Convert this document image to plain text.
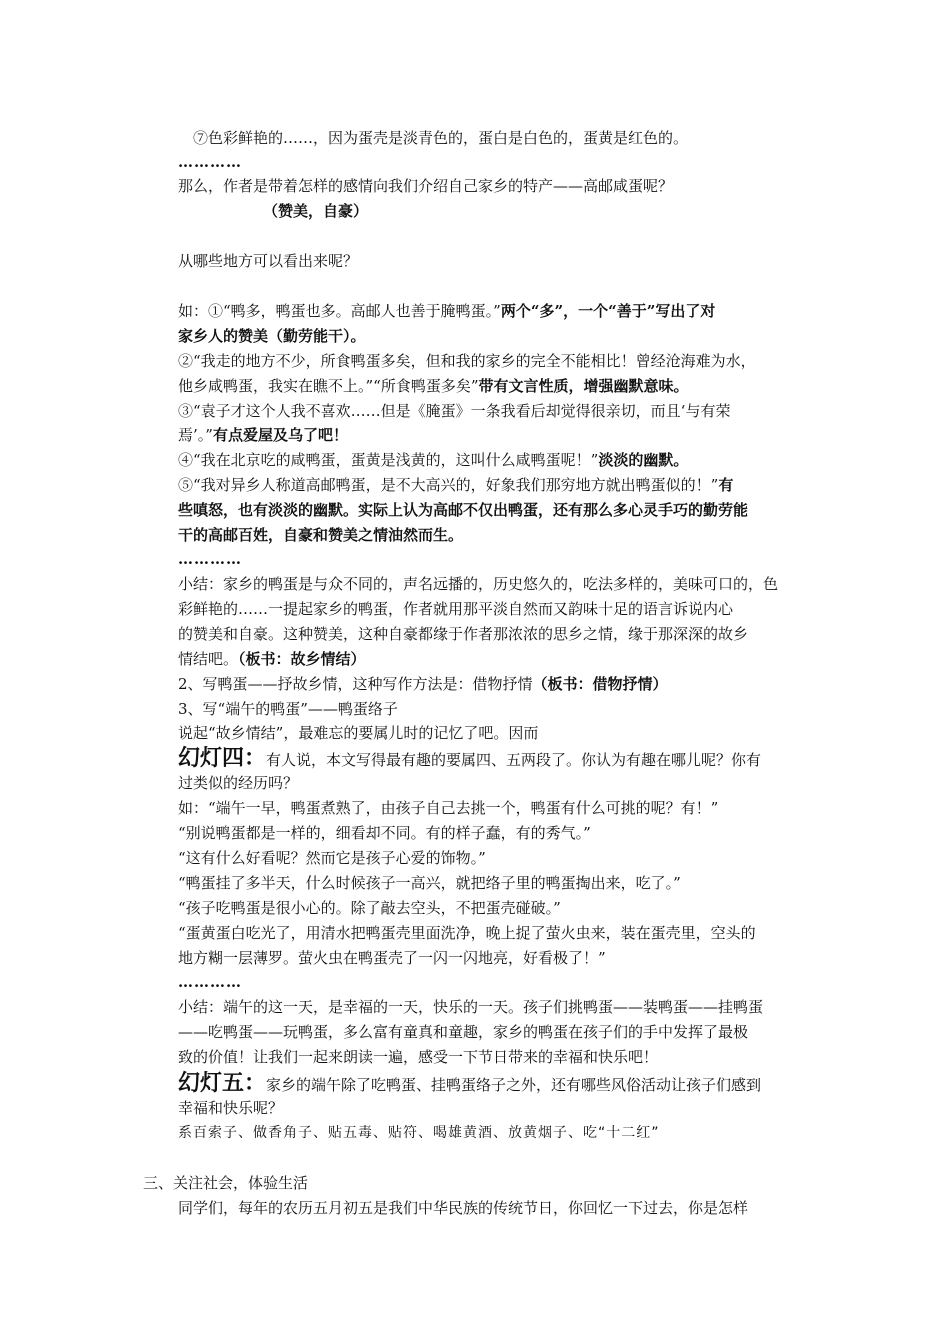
⑦色彩鲜艳的……，因为蛋壳是淡青色的，蛋白是白色的，蛋黄是红色的。
…………
那么，作者是带着怎样的感情向我们介绍自己家乡的特产——高邮咸蛋呢？
（赞美，自豪）
从哪些地方可以看出来呢？
如：①“鸭多，鸭蛋也多。高邮人也善于腌鸭蛋。”两个“多”，一个“善于”写出了对
家乡人的赞美（勤劳能干）。
②“我走的地方不少，所食鸭蛋多矣，但和我的家乡的完全不能相比！曾经沧海难为水，
他乡咸鸭蛋，我实在瞧不上。”“所食鸭蛋多矣”带有文言性质，增强幽默意味。
③“袁子才这个人我不喜欢……但是《腌蛋》一条我看后却觉得很亲切，而且‘与有荣
焉’。”有点爱屋及乌了吧！
④“我在北京吃的咸鸭蛋，蛋黄是浅黄的，这叫什么咸鸭蛋呢！”淡淡的幽默。
⑤“我对异乡人称道高邮鸭蛋，是不大高兴的，好象我们那穷地方就出鸭蛋似的！”有
些嗔怒，也有淡淡的幽默。实际上认为高邮不仅出鸭蛋，还有那么多心灵手巧的勤劳能
干的高邮百姓，自豪和赞美之情油然而生。
…………
小结：家乡的鸭蛋是与众不同的，声名远播的，历史悠久的，吃法多样的，美味可口的，色
彩鲜艳的……一提起家乡的鸭蛋，作者就用那平淡自然而又韵味十足的语言诉说内心
的赞美和自豪。这种赞美，这种自豪都缘于作者那浓浓的思乡之情，缘于那深深的故乡
情结吧。（板书：故乡情结）
2、写鸭蛋——抒故乡情，这种写作方法是：借物抒情（板书：借物抒情）
3、写“端午的鸭蛋”——鸭蛋络子
说起“故乡情结”，最难忘的要属儿时的记忆了吧。因而
幻灯四：有人说，本文写得最有趣的要属四、五两段了。你认为有趣在哪儿呢？你有
过类似的经历吗？
如：“端午一早，鸭蛋煮熟了，由孩子自己去挑一个，鸭蛋有什么可挑的呢？有！”
“别说鸭蛋都是一样的，细看却不同。有的样子蠢，有的秀气。”
“这有什么好看呢？然而它是孩子心爱的饰物。”
“鸭蛋挂了多半天，什么时候孩子一高兴，就把络子里的鸭蛋掏出来，吃了。”
“孩子吃鸭蛋是很小心的。除了敲去空头，不把蛋壳碰破。”
“蛋黄蛋白吃光了，用清水把鸭蛋壳里面洗净，晚上捉了萤火虫来，装在蛋壳里，空头的
地方糊一层薄罗。萤火虫在鸭蛋壳了一闪一闪地亮，好看极了！”
…………
小结：端午的这一天，是幸福的一天，快乐的一天。孩子们挑鸭蛋——装鸭蛋——挂鸭蛋
——吃鸭蛋——玩鸭蛋，多么富有童真和童趣，家乡的鸭蛋在孩子们的手中发挥了最极
致的价值！让我们一起来朗读一遍，感受一下节日带来的幸福和快乐吧！
幻灯五：家乡的端午除了吃鸭蛋、挂鸭蛋络子之外，还有哪些风俗活动让孩子们感到
幸福和快乐呢？
系百索子、做香角子、贴五毒、贴符、喝雄黄酒、放黄烟子、吃“十二红”
三、关注社会，体验生活
同学们，每年的农历五月初五是我们中华民族的传统节日，你回忆一下过去，你是怎样
